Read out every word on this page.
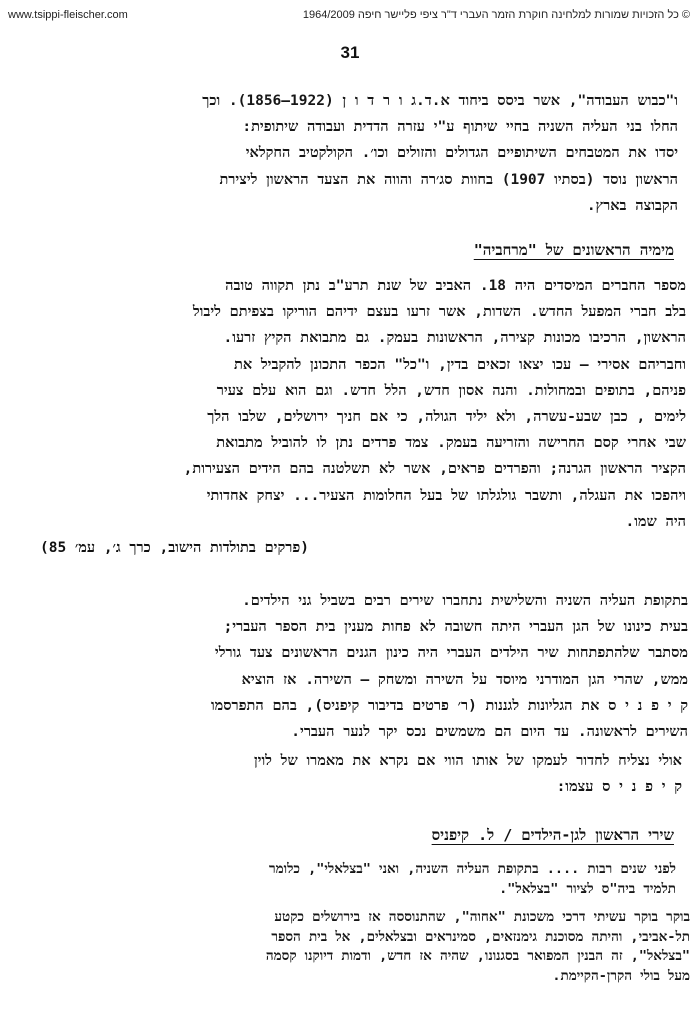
www.tsippi-fleischer.com	© כל הזכויות שמורות למלחינה חוקרת הזמר העברי ד"ר ציפי פליישר חיפה 1964/2009
31
ו"כבוש העבודה", אשר ביסס ביחוד א.ד.ג ו ר ד ו ן (1922–1856). וכך
החלו בני העליה השניה בחיי שיתוף ע"י עזרה הדדית ועבודה שיתופית:
יסדו את המטבחים השיתופיים הגדולים והזולים וכו׳. הקולקטיב החקלאי
הראשון נוסד (בסתיו 1907) בחוות סג׳רה והווה את הצעד הראשון ליצירת
הקבוצה בארץ.
מימיה הראשונים של "מרחביה"
מספר החברים המיסדים היה 18. האביב של שנת תרע"ב נתן תקווה טובה
בלב חברי המפעל החדש. השדות, אשר זרעו בעצם ידיהם הוריקו בצפיתם ליבול
הראשון, הרכיבו מכונות קצירה, הראשונות בעמק. גם מתבואת הקיץ זרעו.
וחבריהם אסירי – עכו יצאו זכאים בדין, ו"כל" הכפר התכונן להקביל את
פניהם, בתופים ובמחולות. והנה אסון חדש, הלל חדש. וגם הוא עלם צעיר
לימים , כבן שבע-עשרה, ולא יליד הגולה, כי אם חניך ירושלים, שלבו הלך
שבי אחרי קסם החרישה והזריעה בעמק. צמד פרדים נתן לו להוביל מתבואת
הקציר הראשון הגרנה; והפרדים פראים, אשר לא תשלטנה בהם הידים הצעירות,
ויהפכו את העגלה, ותשבר גולגלתו של בעל החלומות הצעיר... יצחק אחדותי
היה שמו.
(פרקים בתולדות הישוב, כרך ג׳, עמ׳ 85)
בתקופת העליה השניה והשלישית נתחברו שירים רבים בשביל גני הילדים.
בעית כינונו של הגן העברי היתה חשובה לא פחות מענין בית הספר העברי;
מסתבר שלהתפתחות שיר הילדים העברי היה כינון הגנים הראשונים צעד גורלי
ממש, שהרי הגן המודרני מיוסד על השירה ומשחק – השירה. אז הוציא
ק י פ נ י ס את הגליונות לגננות (ר׳ פרטים בדיבור קיפניס), בהם התפרסמו
השירים לראשונה. עד היום הם משמשים נכס יקר לנער העברי.
אולי נצליח לחדור לעמקו של אותו הווי אם נקרא את מאמרו של לוין
ק י פ נ י ס עצמו:
שירי הראשון לגן-הילדים / ל. קיפניס
לפני שנים רבות .... בתקופת העליה השניה, ואני "בצלאלי", כלומר
תלמיד ביה"ס לציור "בצלאל".
בוקר בוקר עשיתי דרכי משכונת "אחוה", שהתנוססה אז בירושלים כקטע
תל-אביבי, והיתה מסוכנת גימנזאים, סמינראים ובצלאלים, אל בית הספר
"בצלאל", זה הבנין המפואר בסגנונו, שהיה אז חדש, ודמות דיוקנו קסמה
מעל בולי הקרן-הקיימת.
